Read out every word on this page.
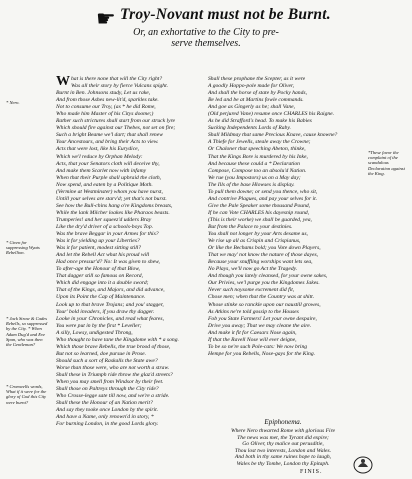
☛ Troy-Novant must not be Burnt.
Or, an exhortative to the City to pre-
serve themselves.
What is there none that will the City right?
Was all their story by fierce Vulcans spight.
Burnt in Ben. Johnsons study, Let us rake,
And from those Ashes new-lit'd, sparkles take.
Not to consume our Troy, (as * he did Rome,
Who made him Master of his Citys doome;)
Rather such strictures shall start from our struck lyre
Which should fire against our Thebes, not set on fire;
Such a bright Beame we'l dart; that shall renew
Your Ancestours, and bring their Acts to view.
Acts that were lost, like his Eurydice,
Which we'l reduce by Orphan Melody:
Acts, that your Senators cloth will deceive thy,
And make them Scarlet now with infamy
When that their Purple shall upbraid the cloth,
Now spend, and eaten by a Politique Moth.
(Vermine at Westminster) whom you have nurst,
Untill your selves are starv'd; yet that's not burst.
See how the Bull-chins hang o're Kingdoms breasts,
While the lank Milcher loakes like Pharaos beasts.
Trumperies! and her squeez'd udders Bray
Like the dry'd driver of a schools-boys Top.
Was the brave Beggar in your Armes for this?
Was it for yielding up your Liberties?
Was it for patient, modest sitting still?
And let the Rebell Act what his proud will
Had once pressur'd? No: It was given to shew,
To after-age the Honour of that Blow,
That dagger still so famous on Record,
Which did engage into it a double sword;
That of the Kings, and Majors, and did advance,
Upon its Point the Cap of Maintenance.
Look up to that brave Trojans; and you' stagger,
Your' bold invaders, if you draw thy dagger.
Looke in your Chronicles, and read what feares,
You were put in by the first * Leveller;
A silly, Lowsy, undigested Throng,
Who thought to have tane the Kingdome with * a song.
Which those brave Rebells, the true brood of those,
But not so learned, doe pursue in Prose.
Should such a sort of Raskalls the State awe?
Worse than those were, who are not worth a straw.
Shall these in Triumph ride throw the glaz'd streets?
When you may smell from Windsor by their feet.
Shall those on Paltreys through the City ride?
Who Crosse-legge sate till now, and we're a stride.
Shall these the Honour of an Nation merit?
And say they tooke once London by the spirit.
And have a Name, only renown'd in story, *
For burning London, in the good Lords glory.
Shall these prophane the Scepter, as it were
A goodly Hoppo-pole made for Oliver,
And shall the horse of state by Pocky hands,
Be led and be at Martins fowle commands.
And goe as Gingerly as he; shall Vane,
(Old perjured Vane) resume once CHARLES his Raigne.
As he did Strafford's head. To make his Babies
Sucking Independents Lords of Raby.
Shall Mildmay that same Precious Knave, cause knowne?
A Thiefe for Jewells, steale away the Crowne;
Or Chaloner that speeching Abeton, thinke,
That the Kings Bore is murdered by his Inke,
And because these could a * Declaration
Compose, Compose too an absolu'd Nation.
We rue (you Impostors) us on a May day;
The Ills of the base Hlowses is display.
To pull them downe; or send you thence, who sit,
And contrive Plagues, and pay your selves for it.
Give the Pale Speaker some thousand Pound,
If he can Vote CHARLES his dayesnip round,
(This is their worke) we shall be guarded, yea,
But from the Palace to your destinies.
You shall not longer by your Arts desame us,
We rise up all as Crispin and Crispianus,
Or like the Bechams bold; you Vote down Players,
That we may' not know the nature of those dayes,
Because your snuffling worships want lets sea,
No Plays, we'll now go Act the Tragedy.
And though you lately cleansed, for your owne sakes,
Our Privies, we'l purge you the Kingdomes Jakes.
Never such noysome excrement did fit,
Chose men; when that the Country was at shitt.
Whose stinke so ranckle upon our naustill growes,
As Atkins ne're told gossip to the Houses
Fob you State Farmers! Let your owne despaire,
Drive you away; That we may cleane the aire.
And make it fit for Caesars Nose again,
If that the Ravell Nose will ever deigne,
To be so ne're such Pole-cats: We now bring
Hempe for you Rebells, Nose-gays for the King.
* Nero.
* Given for suppressing Wyats Rebellion.
* Jack Straw & Cades Rebells, so suppressed by the City. * When Adam Dug'd and Eve Span, who was then the Gentleman?
* Cromwells words, What if it were for the glory of God this City were burnt?
*These favor the complaint of the scandalous Declaration against the King.
Epiphonema.
Where Nero thwarted Rome with glorious Fire
The news was met, the Tyrant did expire;
Go Oliver, thy malice out perusditie,
Thou lost two interests, London and Wales.
And both in thy same ruines hope to laugh,
Wales be thy Tombe, London thy Epitaph.
FINIS.
